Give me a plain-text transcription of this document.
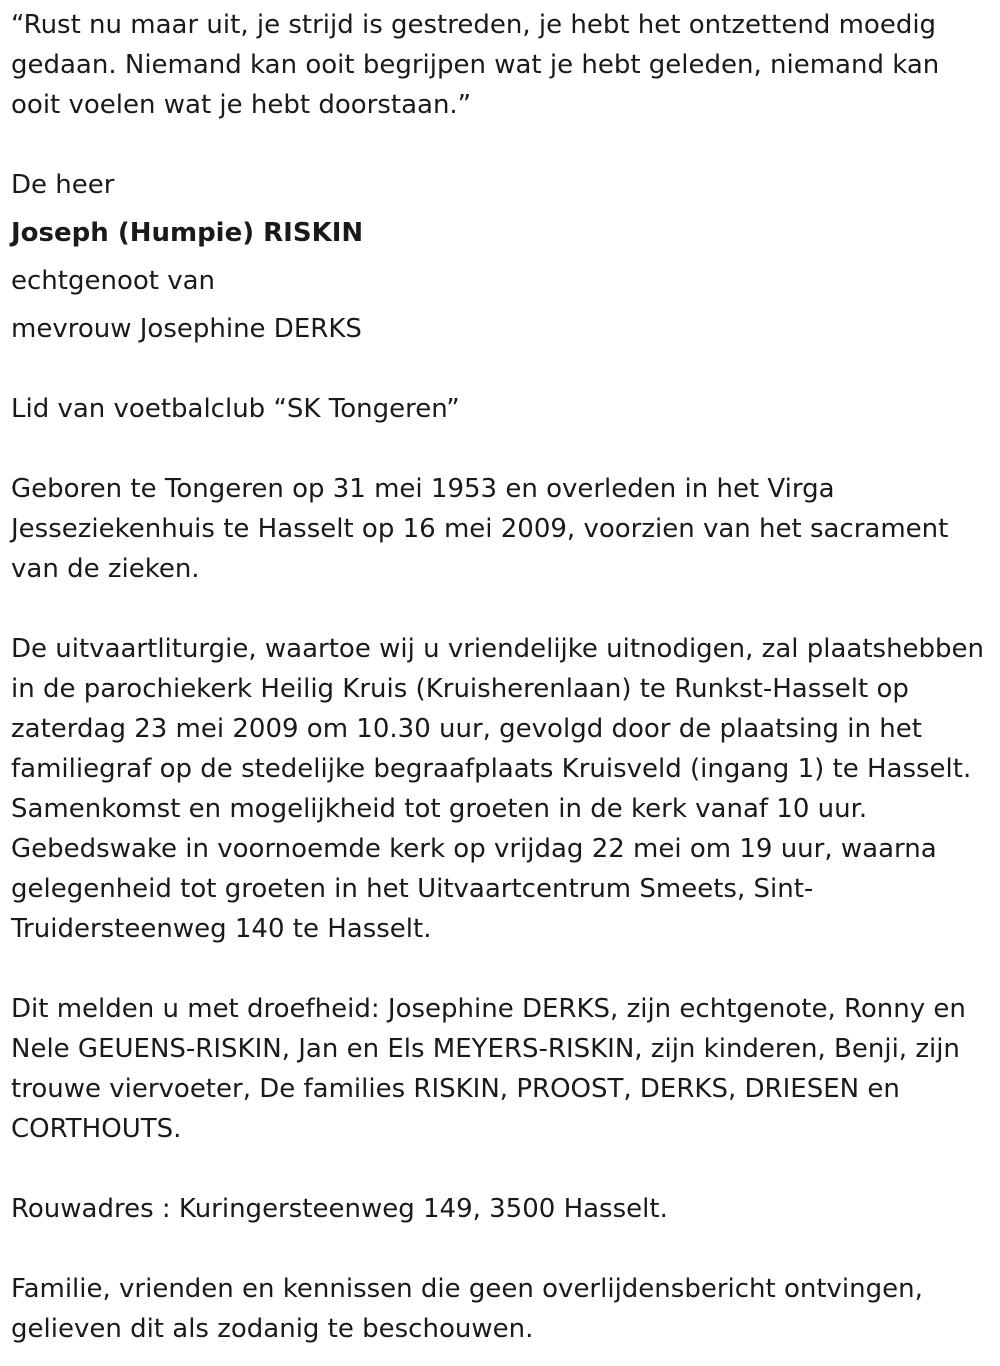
“Rust nu maar uit, je strijd is gestreden, je hebt het ontzettend moedig gedaan. Niemand kan ooit begrijpen wat je hebt geleden, niemand kan ooit voelen wat je hebt doorstaan.”

De heer

Joseph (Humpie) RISKIN

echtgenoot van

mevrouw Josephine DERKS

Lid van voetbalclub “SK Tongeren”

Geboren te Tongeren op 31 mei 1953 en overleden in het Virga Jesseziekenhuis te Hasselt op 16 mei 2009, voorzien van het sacrament van de zieken.

De uitvaartliturgie, waartoe wij u vriendelijke uitnodigen, zal plaatshebben in de parochiekerk Heilig Kruis (Kruisherenlaan) te Runkst-Hasselt op zaterdag 23 mei 2009 om 10.30 uur, gevolgd door de plaatsing in het familiegraf op de stedelijke begraafplaats Kruisveld (ingang 1) te Hasselt. Samenkomst en mogelijkheid tot groeten in de kerk vanaf 10 uur. Gebedswake in voornoemde kerk op vrijdag 22 mei om 19 uur, waarna gelegenheid tot groeten in het Uitvaartcentrum Smeets, Sint-Truidersteenweg 140 te Hasselt.

Dit melden u met droefheid: Josephine DERKS, zijn echtgenote, Ronny en Nele GEUENS-RISKIN, Jan en Els MEYERS-RISKIN, zijn kinderen, Benji, zijn trouwe viervoeter, De families RISKIN, PROOST, DERKS, DRIESEN en CORTHOUTS.

Rouwadres : Kuringersteenweg 149, 3500 Hasselt.

Familie, vrienden en kennissen die geen overlijdensbericht ontvingen, gelieven dit als zodanig te beschouwen.
